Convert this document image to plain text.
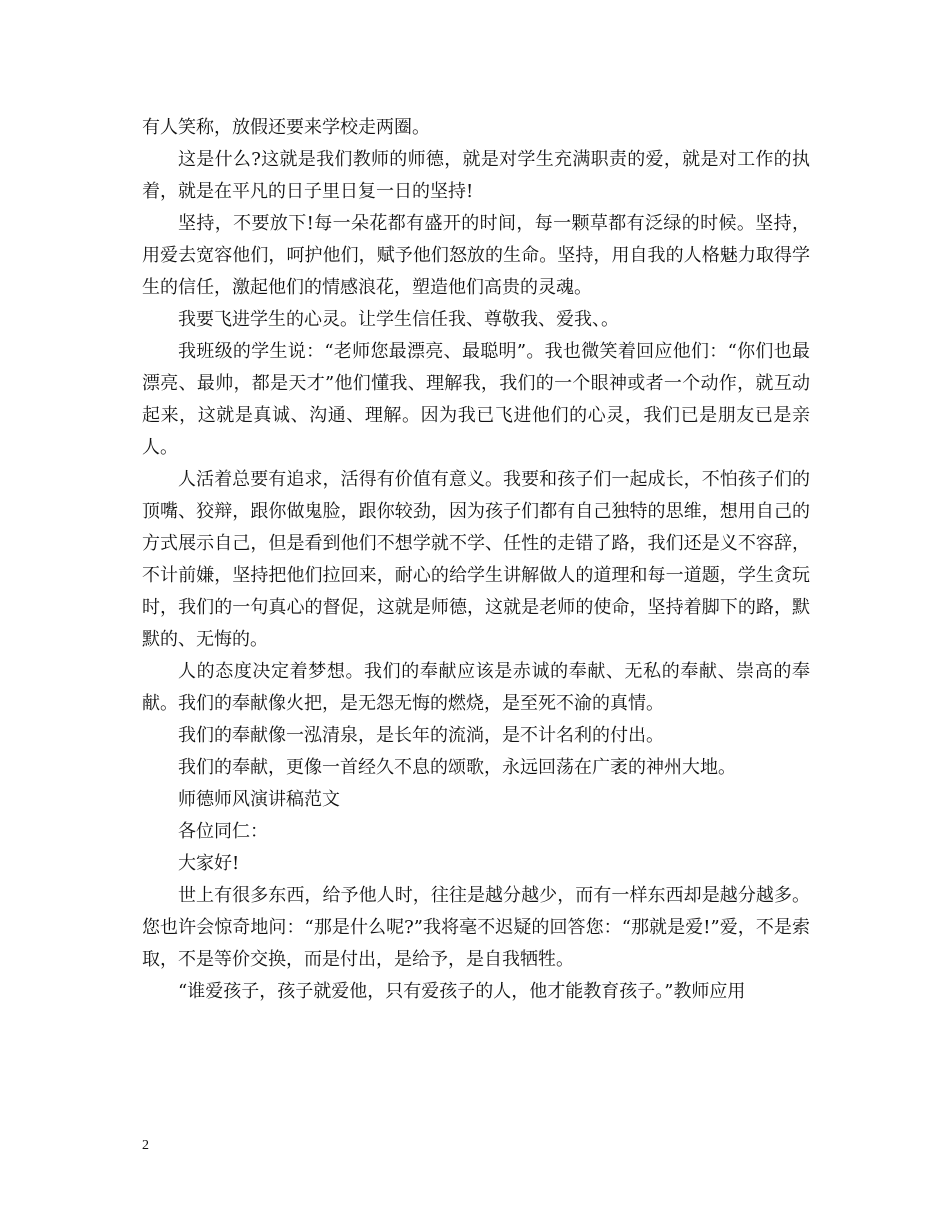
有人笑称，放假还要来学校走两圈。

这是什么?这就是我们教师的师德，就是对学生充满职责的爱，就是对工作的执着，就是在平凡的日子里日复一日的坚持!

坚持，不要放下!每一朵花都有盛开的时间，每一颗草都有泛绿的时候。坚持，用爱去宽容他们，呵护他们，赋予他们怒放的生命。坚持，用自我的人格魅力取得学生的信任，激起他们的情感浪花，塑造他们高贵的灵魂。

我要飞进学生的心灵。让学生信任我、尊敬我、爱我、。

我班级的学生说：“老师您最漂亮、最聪明”。我也微笑着回应他们：“你们也最漂亮、最帅，都是天才”他们懂我、理解我，我们的一个眼神或者一个动作，就互动起来，这就是真诚、沟通、理解。因为我已飞进他们的心灵，我们已是朋友已是亲人。

人活着总要有追求，活得有价值有意义。我要和孩子们一起成长，不怕孩子们的顶嘴、狡辩，跟你做鬼脸，跟你较劲，因为孩子们都有自己独特的思维，想用自己的方式展示自己，但是看到他们不想学就不学、任性的走错了路，我们还是义不容辞，不计前嫌，坚持把他们拉回来，耐心的给学生讲解做人的道理和每一道题，学生贪玩时，我们的一句真心的督促，这就是师德，这就是老师的使命，坚持着脚下的路，默默的、无悔的。

人的态度决定着梦想。我们的奉献应该是赤诚的奉献、无私的奉献、崇高的奉献。我们的奉献像火把，是无怨无悔的燃烧，是至死不渝的真情。

我们的奉献像一泓清泉，是长年的流淌，是不计名利的付出。

我们的奉献，更像一首经久不息的颂歌，永远回荡在广袤的神州大地。

师德师风演讲稿范文

各位同仁：

大家好!

世上有很多东西，给予他人时，往往是越分越少，而有一样东西却是越分越多。您也许会惊奇地问：“那是什么呢?”我将毫不迟疑的回答您：“那就是爱!”爱，不是索取，不是等价交换，而是付出，是给予，是自我牺牲。

“谁爱孩子，孩子就爱他，只有爱孩子的人，他才能教育孩子。”教师应用

2
